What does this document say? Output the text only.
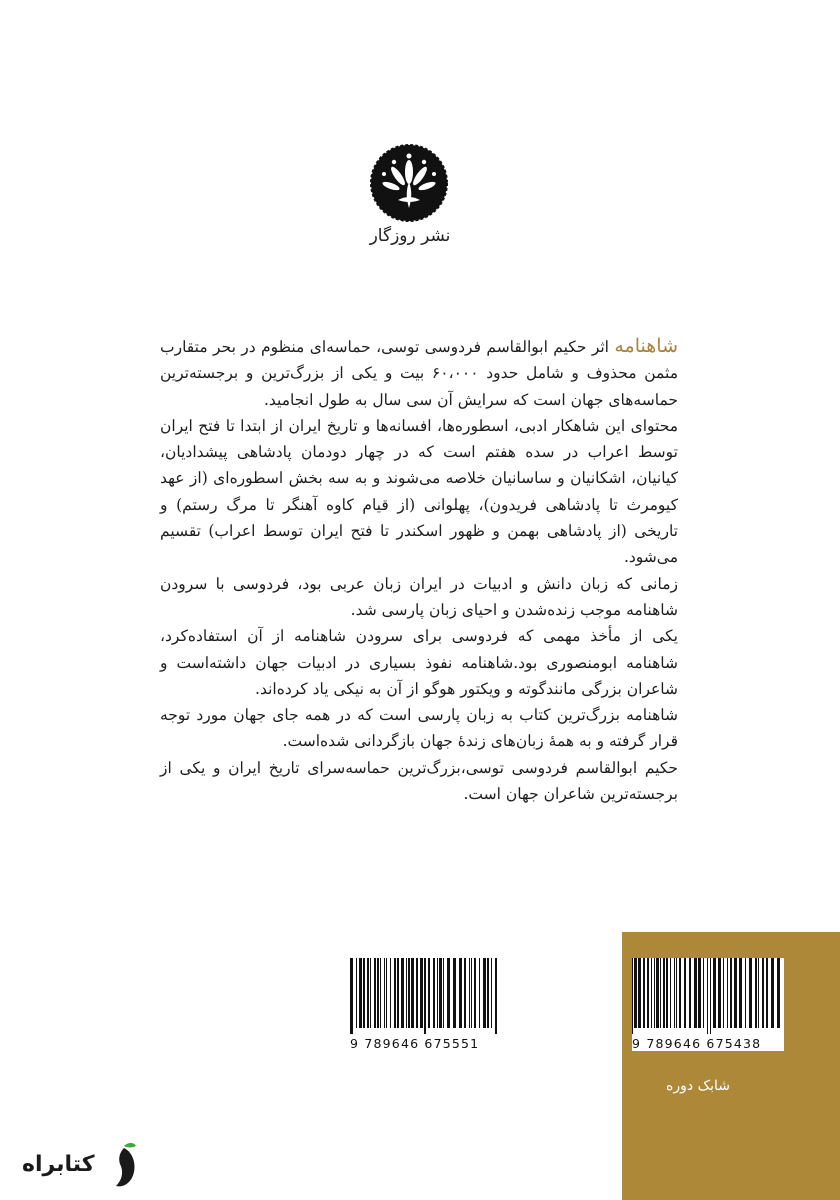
نشر روزگار

شاهنامه اثر حکیم ابوالقاسم فردوسی توسی، حماسه‌ای منظوم در بحر متقارب مثمن محذوف و شامل حدود ۶۰،۰۰۰ بیت و یکی از بزرگ‌ترین و برجسته‌ترین حماسه‌های جهان است که سرایش آن سی سال به طول انجامید.

محتوای این شاهکار ادبی، اسطوره‌ها، افسانه‌ها و تاریخ ایران از ابتدا تا فتح ایران توسط اعراب در سده هفتم است که در چهار دودمان پادشاهی پیشدادیان، کیانیان، اشکانیان و ساسانیان خلاصه می‌شوند و به سه بخش اسطوره‌ای (از عهد کیومرث تا پادشاهی فریدون)، پهلوانی (از قیام کاوه آهنگر تا مرگ رستم) و تاریخی (از پادشاهی بهمن و ظهور اسکندر تا فتح ایران توسط اعراب) تقسیم می‌شود.

زمانی که زبان دانش و ادبیات در ایران زبان عربی بود، فردوسی با سرودن شاهنامه موجب زنده‌شدن و احیای زبان پارسی شد.

یکی از مأخذ مهمی که فردوسی برای سرودن شاهنامه از آن استفاده‌کرد، شاهنامه ابومنصوری بود.شاهنامه نفوذ بسیاری در ادبیات جهان داشته‌است و شاعران بزرگی مانندگوته و ویکتور هوگو از آن به نیکی یاد کرده‌اند.

شاهنامه بزرگ‌ترین کتاب به زبان پارسی است که در همه جای جهان مورد توجه قرار گرفته و به همهٔ زبان‌های زندهٔ جهان بازگردانی شده‌است.

حکیم ابوالقاسم فردوسی توسی،بزرگ‌ترین حماسه‌سرای تاریخ ایران و یکی از برجسته‌ترین شاعران جهان است.

9 789646 675551	9 789646 675438
شابک دوره
کتابراه
